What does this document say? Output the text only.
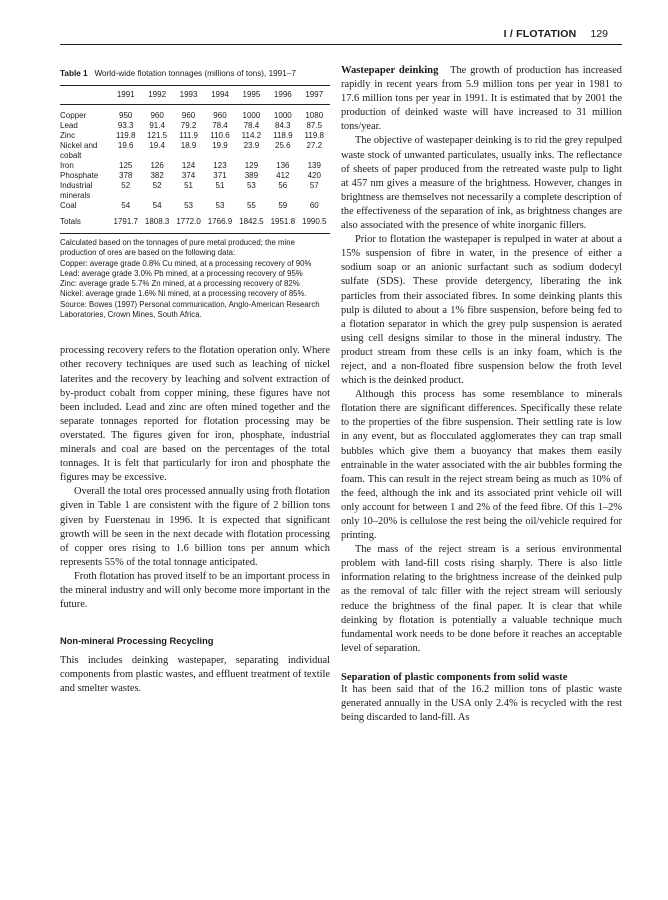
I / FLOTATION 129
Table 1 World-wide flotation tonnages (millions of tons), 1991–7
	1991	1992	1993	1994	1995	1996	1997

Copper	950	960	960	960	1000	1000	1080
Lead	93.3	91.4	79.2	78.4	78.4	84.3	87.5
Zinc	119.8	121.5	111.9	110.6	114.2	118.9	119.8
Nickel and cobalt	19.6	19.4	18.9	19.9	23.9	25.6	27.2
Iron	125	126	124	123	129	136	139
Phosphate	378	382	374	371	389	412	420
Industrial minerals	52	52	51	51	53	56	57
Coal	54	54	53	53	55	59	60

Totals	1791.7	1808.3	1772.0	1766.9	1842.5	1951.8	1990.5

Calculated based on the tonnages of pure metal produced; the mine production of ores are based on the following data:

Copper: average grade 0.8% Cu mined, at a processing recovery of 90%

Lead: average grade 3.0% Pb mined, at a processing recovery of 95%

Zinc: average grade 5.7% Zn mined, at a processing recovery of 82%

Nickel: average grade 1.6% Ni mined, at a processing recovery of 85%.

Source: Bowes (1997) Personal communication, Anglo-American Research Laboratories, Crown Mines, South Africa.

processing recovery refers to the flotation operation only. Where other recovery techniques are used such as leaching of nickel laterites and the recovery by leaching and solvent extraction of by-product cobalt from copper mining, these figures have not been included. Lead and zinc are often mined together and the separate tonnages reported for flotation processing may be overstated. The figures given for iron, phosphate, industrial minerals and coal are based on the percentages of the total tonnages. It is felt that particularly for iron and phosphate the figures may be excessive.

Overall the total ores processed annually using froth flotation given in Table 1 are consistent with the figure of 2 billion tons given by Fuerstenau in 1996. It is expected that significant growth will be seen in the next decade with flotation processing of copper ores rising to 1.6 billion tons per annum which represents 55% of the total tonnage anticipated.

Froth flotation has proved itself to be an important process in the mineral industry and will only become more important in the future.

Non-mineral Processing Recycling

This includes deinking wastepaper, separating individual components from plastic wastes, and effluent treatment of textile and smelter wastes.

Wastepaper deinking The growth of production has increased rapidly in recent years from 5.9 million tons per year in 1981 to 17.6 million tons per year in 1991. It is estimated that by 2001 the production of deinked waste will have increased to 31 million tons/year.

The objective of wastepaper deinking is to rid the grey repulped waste stock of unwanted particulates, usually inks. The reflectance of sheets of paper produced from the retreated waste pulp to light at 457 nm gives a measure of the brightness. However, changes in brightness are themselves not necessarily a complete description of the effectiveness of the separation of ink, as brightness changes are also associated with the presence of white inorganic fillers.

Prior to flotation the wastepaper is repulped in water at about a 15% suspension of fibre in water, in the presence of either a sodium soap or an anionic surfactant such as sodium dodecyl sulfate (SDS). These provide detergency, liberating the ink particles from their associated fibres. In some deinking plants this pulp is diluted to about a 1% fibre suspension, before being fed to a flotation separator in which the grey pulp suspension is aerated using cell designs similar to those in the mineral industry. The product stream from these cells is an inky foam, which is the reject, and a non-floated fibre suspension below the froth level which is the deinked product.

Although this process has some resemblance to minerals flotation there are significant differences. Specifically these relate to the properties of the fibre suspension. Their settling rate is low in any event, but as flocculated agglomerates they can trap small bubbles which give them a buoyancy that makes them easily entrainable in the water associated with the air bubbles forming the foam. This can result in the reject stream being as much as 10% of the feed, although the ink and its associated print vehicle oil will only account for between 1 and 2% of the feed fibre. Of this 1–2% only 10–20% is cellulose the rest being the oil/vehicle required for printing.

The mass of the reject stream is a serious environmental problem with land-fill costs rising sharply. There is also little information relating to the brightness increase of the deinked pulp as the removal of talc filler with the reject stream will seriously reduce the brightness of the final paper. It is clear that while deinking by flotation is potentially a valuable technique much fundamental work needs to be done before it reaches an acceptable level of separation.

Separation of plastic components from solid waste

It has been said that of the 16.2 million tons of plastic waste generated annually in the USA only 2.4% is recycled with the rest being discarded to land-fill. As
